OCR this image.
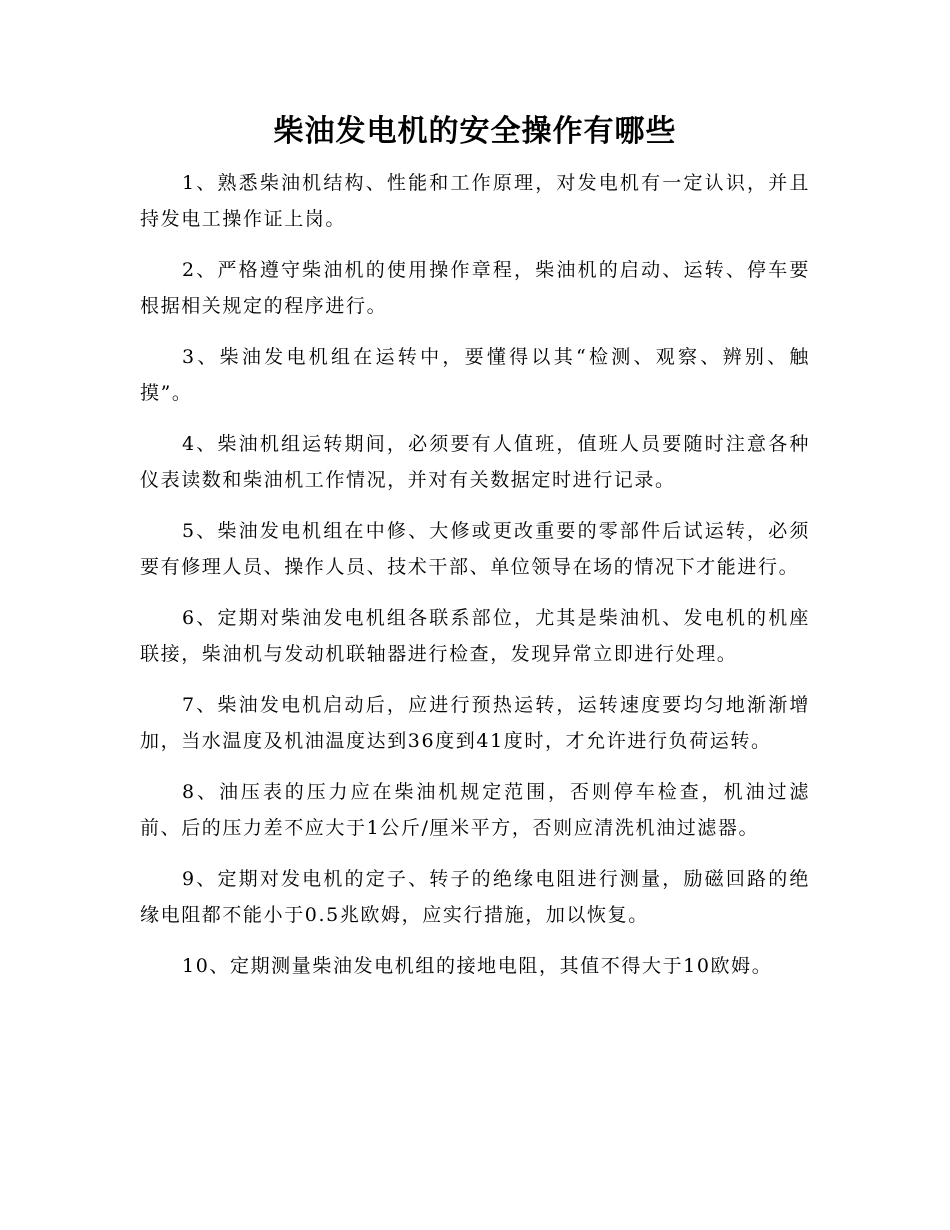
柴油发电机的安全操作有哪些

1、熟悉柴油机结构、性能和工作原理，对发电机有一定认识，并且持发电工操作证上岗。

2、严格遵守柴油机的使用操作章程，柴油机的启动、运转、停车要根据相关规定的程序进行。

3、柴油发电机组在运转中，要懂得以其“检测、观察、辨别、触摸”。

4、柴油机组运转期间，必须要有人值班，值班人员要随时注意各种仪表读数和柴油机工作情况，并对有关数据定时进行记录。

5、柴油发电机组在中修、大修或更改重要的零部件后试运转，必须要有修理人员、操作人员、技术干部、单位领导在场的情况下才能进行。

6、定期对柴油发电机组各联系部位，尤其是柴油机、发电机的机座联接，柴油机与发动机联轴器进行检查，发现异常立即进行处理。

7、柴油发电机启动后，应进行预热运转，运转速度要均匀地渐渐增加，当水温度及机油温度达到36度到41度时，才允许进行负荷运转。

8、油压表的压力应在柴油机规定范围，否则停车检查，机油过滤前、后的压力差不应大于1公斤/厘米平方，否则应清洗机油过滤器。

9、定期对发电机的定子、转子的绝缘电阻进行测量，励磁回路的绝缘电阻都不能小于0.5兆欧姆，应实行措施，加以恢复。

10、定期测量柴油发电机组的接地电阻，其值不得大于10欧姆。
